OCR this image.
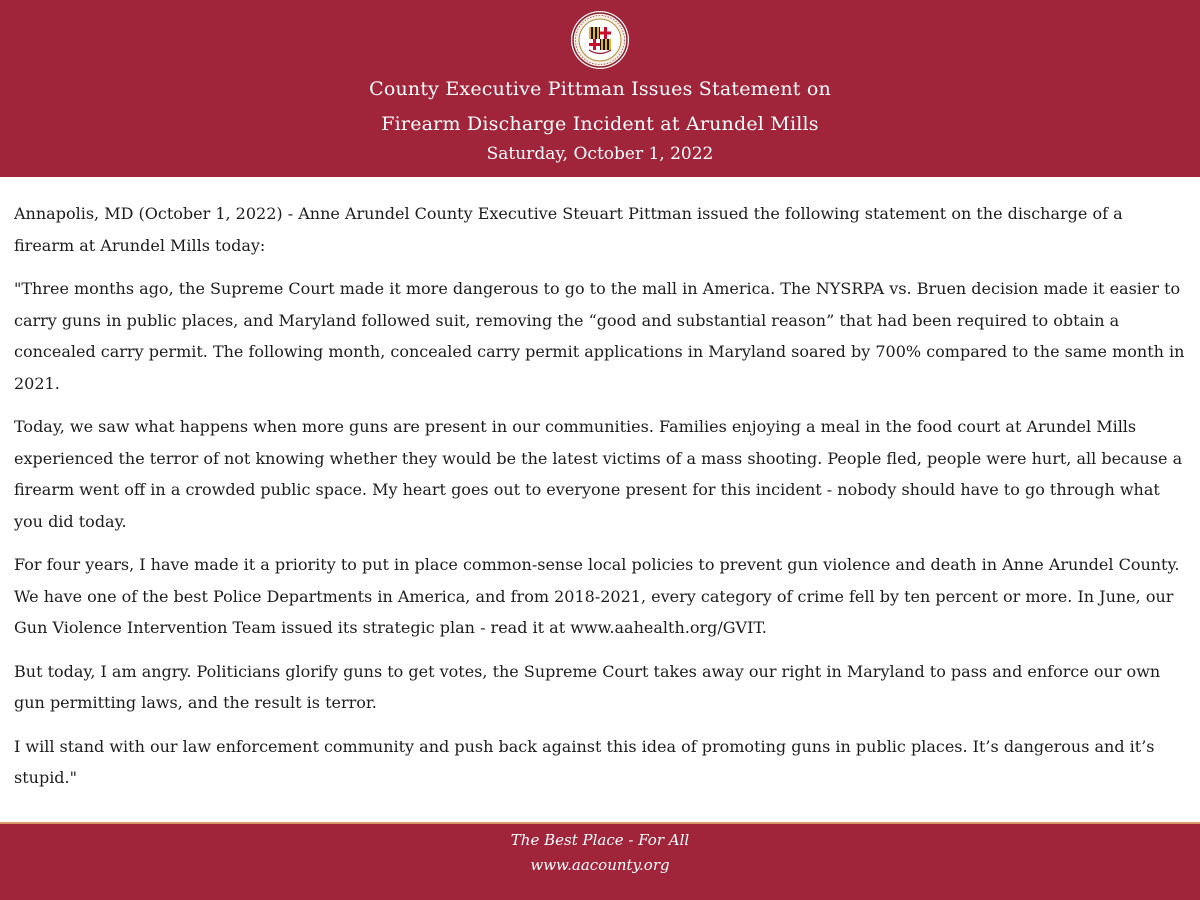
County Executive Pittman Issues Statement on
Firearm Discharge Incident at Arundel Mills
Saturday, October 1, 2022

Annapolis, MD (October 1, 2022) - Anne Arundel County Executive Steuart Pittman issued the following statement on the discharge of a firearm at Arundel Mills today:

"Three months ago, the Supreme Court made it more dangerous to go to the mall in America. The NYSRPA vs. Bruen decision made it easier to carry guns in public places, and Maryland followed suit, removing the “good and substantial reason” that had been required to obtain a concealed carry permit. The following month, concealed carry permit applications in Maryland soared by 700% compared to the same month in 2021.

Today, we saw what happens when more guns are present in our communities. Families enjoying a meal in the food court at Arundel Mills experienced the terror of not knowing whether they would be the latest victims of a mass shooting. People fled, people were hurt, all because a firearm went off in a crowded public space. My heart goes out to everyone present for this incident - nobody should have to go through what you did today.

For four years, I have made it a priority to put in place common-sense local policies to prevent gun violence and death in Anne Arundel County. We have one of the best Police Departments in America, and from 2018-2021, every category of crime fell by ten percent or more. In June, our Gun Violence Intervention Team issued its strategic plan - read it at www.aahealth.org/GVIT.

But today, I am angry. Politicians glorify guns to get votes, the Supreme Court takes away our right in Maryland to pass and enforce our own gun permitting laws, and the result is terror.

I will stand with our law enforcement community and push back against this idea of promoting guns in public places. It’s dangerous and it’s stupid."

The Best Place - For All
www.aacounty.org
